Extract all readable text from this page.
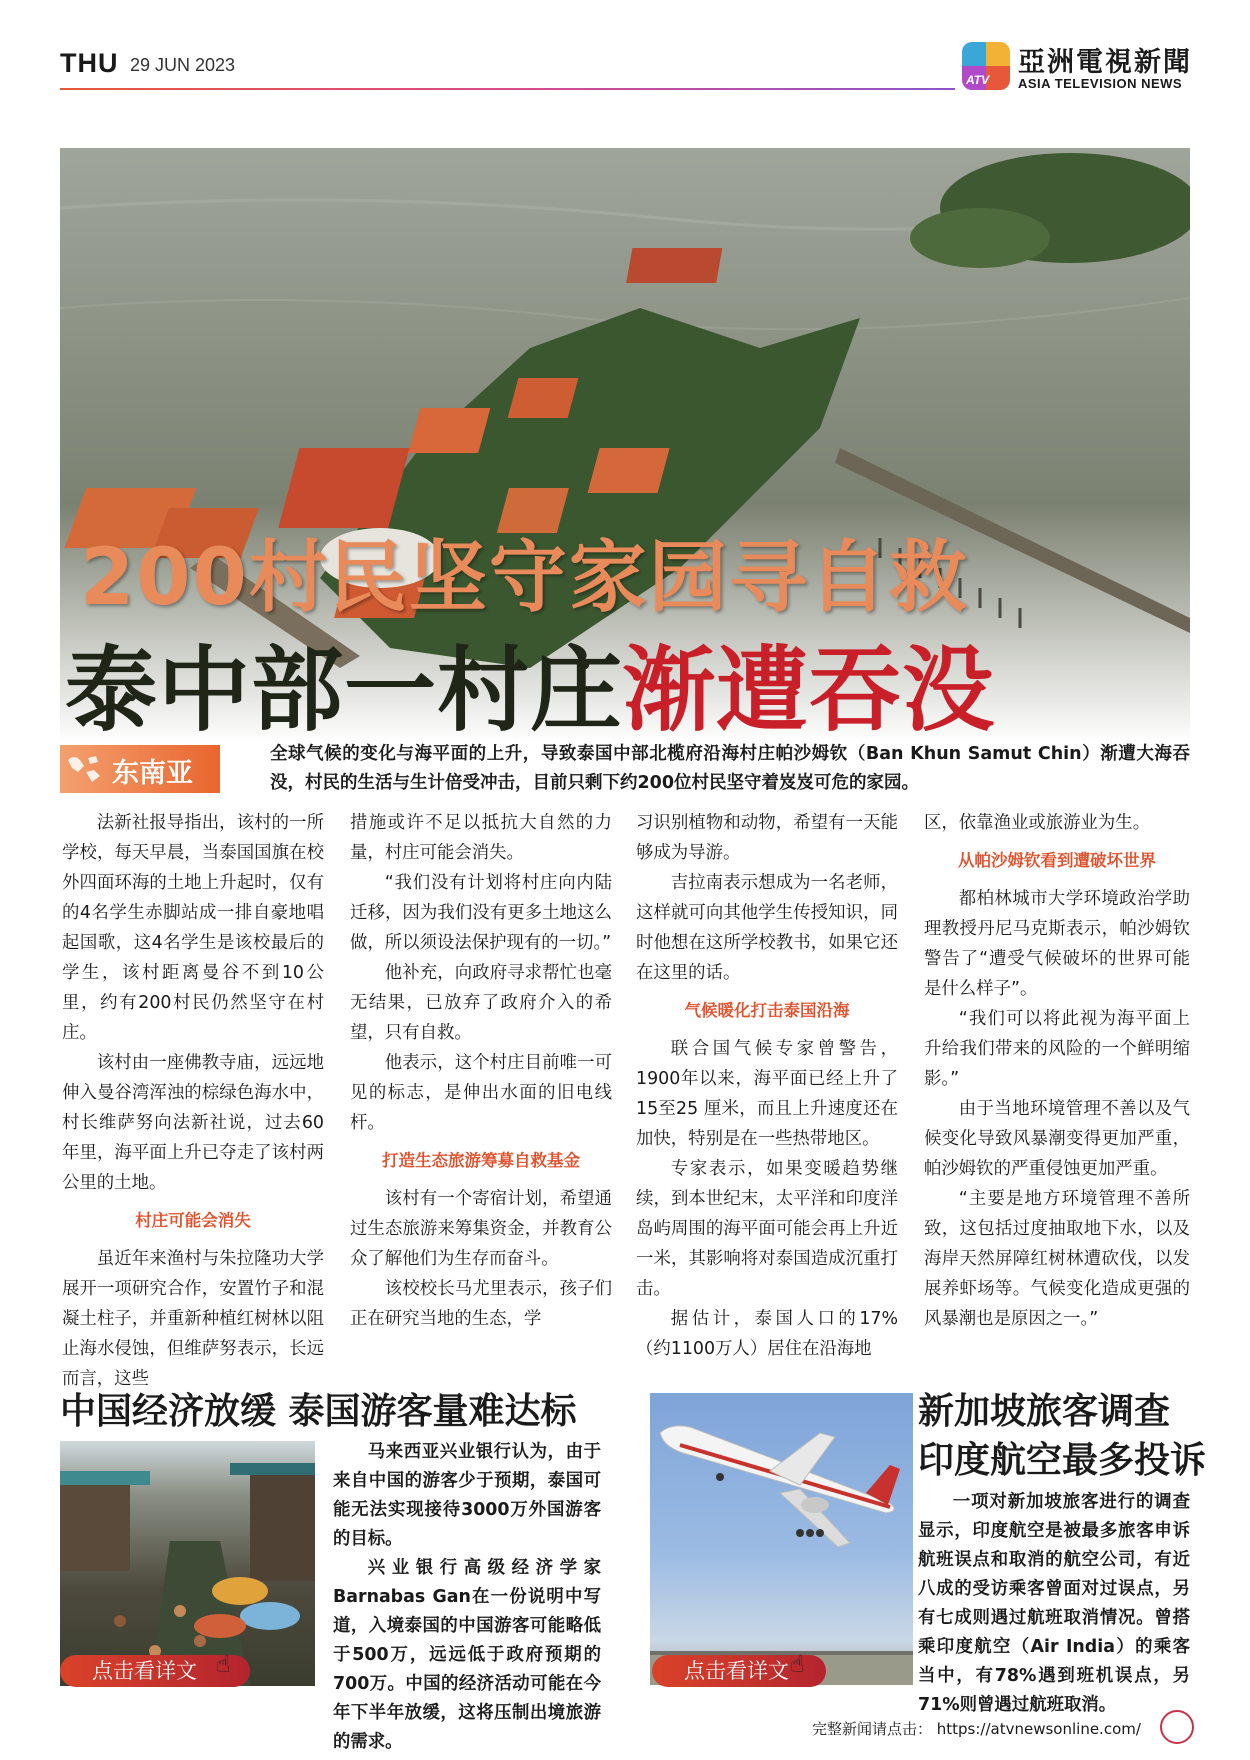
THU 29 JUN 2023
ATV
亞洲電視新聞
ASIA TELEVISION NEWS
200村民坚守家园寻自救
泰中部一村庄渐遭吞没
东南亚
全球气候的变化与海平面的上升，导致泰国中部北榄府沿海村庄帕沙姆钦（Ban Khun Samut Chin）渐遭大海吞没，村民的生活与生计倍受冲击，目前只剩下约200位村民坚守着岌岌可危的家园。

法新社报导指出，该村的一所学校，每天早晨，当泰国国旗在校外四面环海的土地上升起时，仅有的4名学生赤脚站成一排自豪地唱起国歌，这4名学生是该校最后的学生，该村距离曼谷不到10公里，约有200村民仍然坚守在村庄。

该村由一座佛教寺庙，远远地伸入曼谷湾浑浊的棕绿色海水中，村长维萨努向法新社说，过去60年里，海平面上升已夺走了该村两公里的土地。

村庄可能会消失

虽近年来渔村与朱拉隆功大学展开一项研究合作，安置竹子和混凝土柱子，并重新种植红树林以阻止海水侵蚀，但维萨努表示，长远而言，这些

措施或许不足以抵抗大自然的力量，村庄可能会消失。

“我们没有计划将村庄向内陆迁移，因为我们没有更多土地这么做，所以须设法保护现有的一切。”

他补充，向政府寻求帮忙也毫无结果，已放弃了政府介入的希望，只有自救。

他表示，这个村庄目前唯一可见的标志，是伸出水面的旧电线杆。

打造生态旅游筹募自救基金

该村有一个寄宿计划，希望通过生态旅游来筹集资金，并教育公众了解他们为生存而奋斗。

该校校长马尤里表示，孩子们正在研究当地的生态，学

习识别植物和动物，希望有一天能够成为导游。

吉拉南表示想成为一名老师，这样就可向其他学生传授知识，同时他想在这所学校教书，如果它还在这里的话。

气候暖化打击泰国沿海

联合国气候专家曾警告，1900年以来，海平面已经上升了15至25 厘米，而且上升速度还在加快，特别是在一些热带地区。

专家表示，如果变暖趋势继续，到本世纪末，太平洋和印度洋岛屿周围的海平面可能会再上升近一米，其影响将对泰国造成沉重打击。

据估计，泰国人口的17%（约1100万人）居住在沿海地

区，依靠渔业或旅游业为生。

从帕沙姆钦看到遭破坏世界

都柏林城市大学环境政治学助理教授丹尼马克斯表示，帕沙姆钦警告了“遭受气候破坏的世界可能是什么样子”。

“我们可以将此视为海平面上升给我们带来的风险的一个鲜明缩影。”

由于当地环境管理不善以及气候变化导致风暴潮变得更加严重，帕沙姆钦的严重侵蚀更加严重。

“主要是地方环境管理不善所致，这包括过度抽取地下水，以及海岸天然屏障红树林遭砍伐，以发展养虾场等。气候变化造成更强的风暴潮也是原因之一。”

中国经济放缓 泰国游客量难达标
点击看详文 ☝

马来西亚兴业银行认为，由于来自中国的游客少于预期，泰国可能无法实现接待3000万外国游客的目标。

兴业银行高级经济学家Barnabas Gan在一份说明中写道，入境泰国的中国游客可能略低于500万，远远低于政府预期的700万。中国的经济活动可能在今年下半年放缓，这将压制出境旅游的需求。

点击看详文 ☝
新加坡旅客调查
印度航空最多投诉

一项对新加坡旅客进行的调查显示，印度航空是被最多旅客申诉航班误点和取消的航空公司，有近八成的受访乘客曾面对过误点，另有七成则遇过航班取消情况。曾搭乘印度航空（Air India）的乘客当中，有78%遇到班机误点，另71%则曾遇过航班取消。

完整新闻请点击： https://atvnewsonline.com/
